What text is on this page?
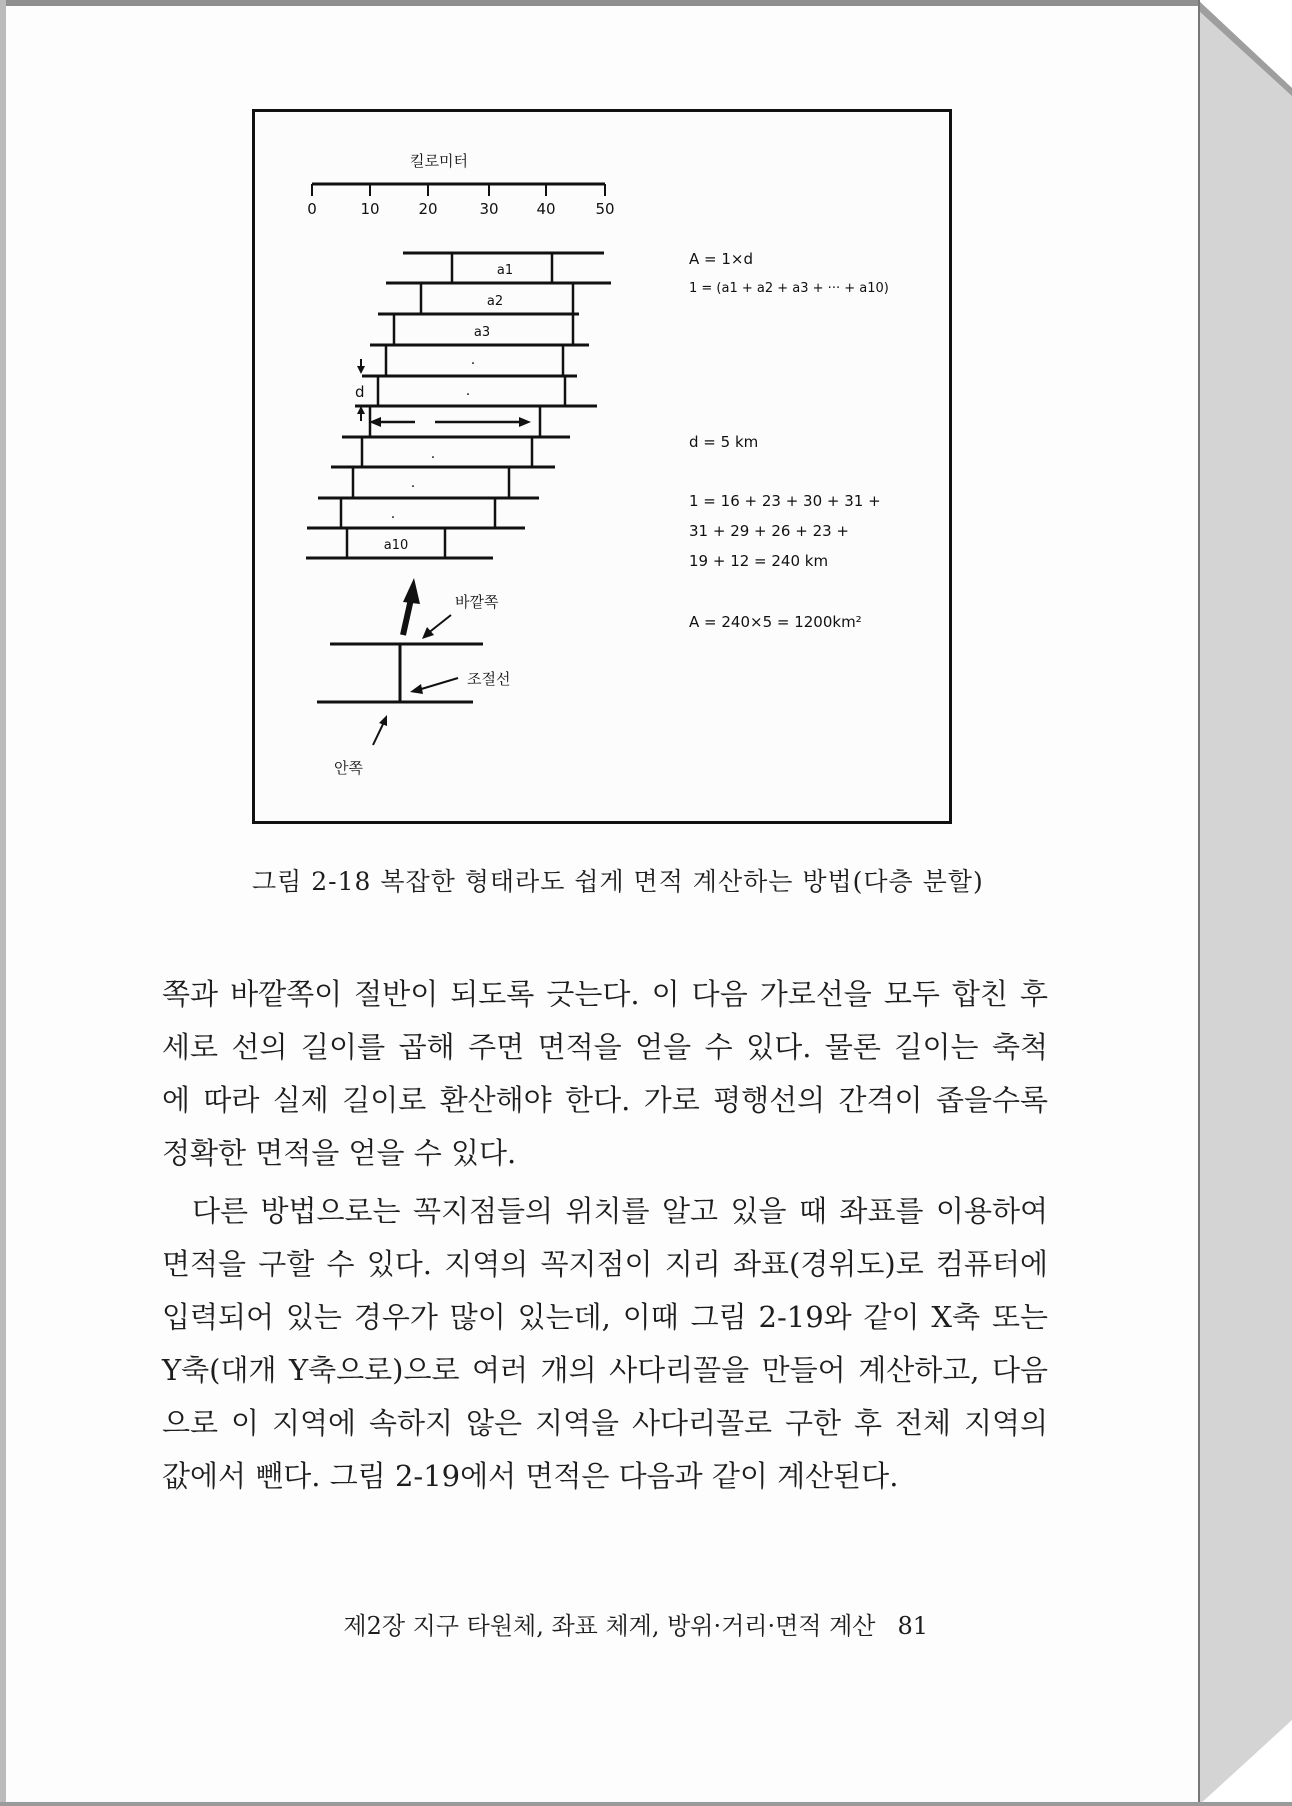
킬로미터
0	10	20	30	40	50
a1
a2
a3
.
.
.
.
.
a10
d
바깥쪽
조절선
안쪽
A = 1×d
1 = (a1 + a2 + a3 + ··· + a10)
d = 5 km
1 = 16 + 23 + 30 + 31 +
31 + 29 + 26 + 23 +
19 + 12 = 240 km
A = 240×5 = 1200km²
그림 2-18 복잡한 형태라도 쉽게 면적 계산하는 방법(다층 분할)
쪽과 바깥쪽이 절반이 되도록 긋는다. 이 다음 가로선을 모두 합친 후
세로 선의 길이를 곱해 주면 면적을 얻을 수 있다. 물론 길이는 축척
에 따라 실제 길이로 환산해야 한다. 가로 평행선의 간격이 좁을수록
정확한 면적을 얻을 수 있다.
다른 방법으로는 꼭지점들의 위치를 알고 있을 때 좌표를 이용하여
면적을 구할 수 있다. 지역의 꼭지점이 지리 좌표(경위도)로 컴퓨터에
입력되어 있는 경우가 많이 있는데, 이때 그림 2-19와 같이 X축 또는
Y축(대개 Y축으로)으로 여러 개의 사다리꼴을 만들어 계산하고, 다음
으로 이 지역에 속하지 않은 지역을 사다리꼴로 구한 후 전체 지역의
값에서 뺀다. 그림 2-19에서 면적은 다음과 같이 계산된다.
제2장 지구 타원체, 좌표 체계, 방위·거리·면적 계산 81
